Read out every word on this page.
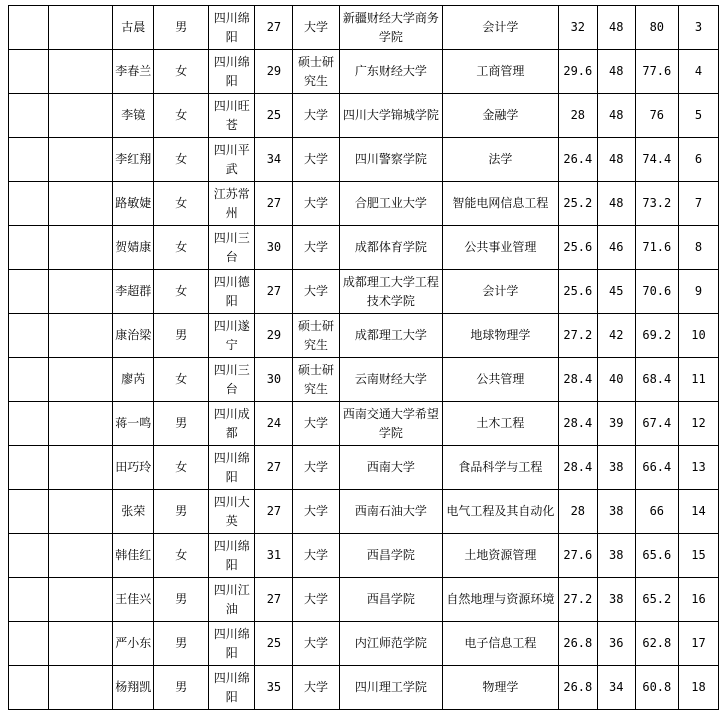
		古晨	男	四川绵阳	27	大学	新疆财经大学商务学院	会计学	32	48	80	3
		李春兰	女	四川绵阳	29	硕士研究生	广东财经大学	工商管理	29.6	48	77.6	4
		李镜	女	四川旺苍	25	大学	四川大学锦城学院	金融学	28	48	76	5
		李红翔	女	四川平武	34	大学	四川警察学院	法学	26.4	48	74.4	6
		路敏婕	女	江苏常州	27	大学	合肥工业大学	智能电网信息工程	25.2	48	73.2	7
		贺婧康	女	四川三台	30	大学	成都体育学院	公共事业管理	25.6	46	71.6	8
		李超群	女	四川德阳	27	大学	成都理工大学工程技术学院	会计学	25.6	45	70.6	9
		康治梁	男	四川遂宁	29	硕士研究生	成都理工大学	地球物理学	27.2	42	69.2	10
		廖芮	女	四川三台	30	硕士研究生	云南财经大学	公共管理	28.4	40	68.4	11
		蒋一鸣	男	四川成都	24	大学	西南交通大学希望学院	土木工程	28.4	39	67.4	12
		田巧玲	女	四川绵阳	27	大学	西南大学	食品科学与工程	28.4	38	66.4	13
		张荣	男	四川大英	27	大学	西南石油大学	电气工程及其自动化	28	38	66	14
		韩佳红	女	四川绵阳	31	大学	西昌学院	土地资源管理	27.6	38	65.6	15
		王佳兴	男	四川江油	27	大学	西昌学院	自然地理与资源环境	27.2	38	65.2	16
		严小东	男	四川绵阳	25	大学	内江师范学院	电子信息工程	26.8	36	62.8	17
		杨翔凯	男	四川绵阳	35	大学	四川理工学院	物理学	26.8	34	60.8	18
